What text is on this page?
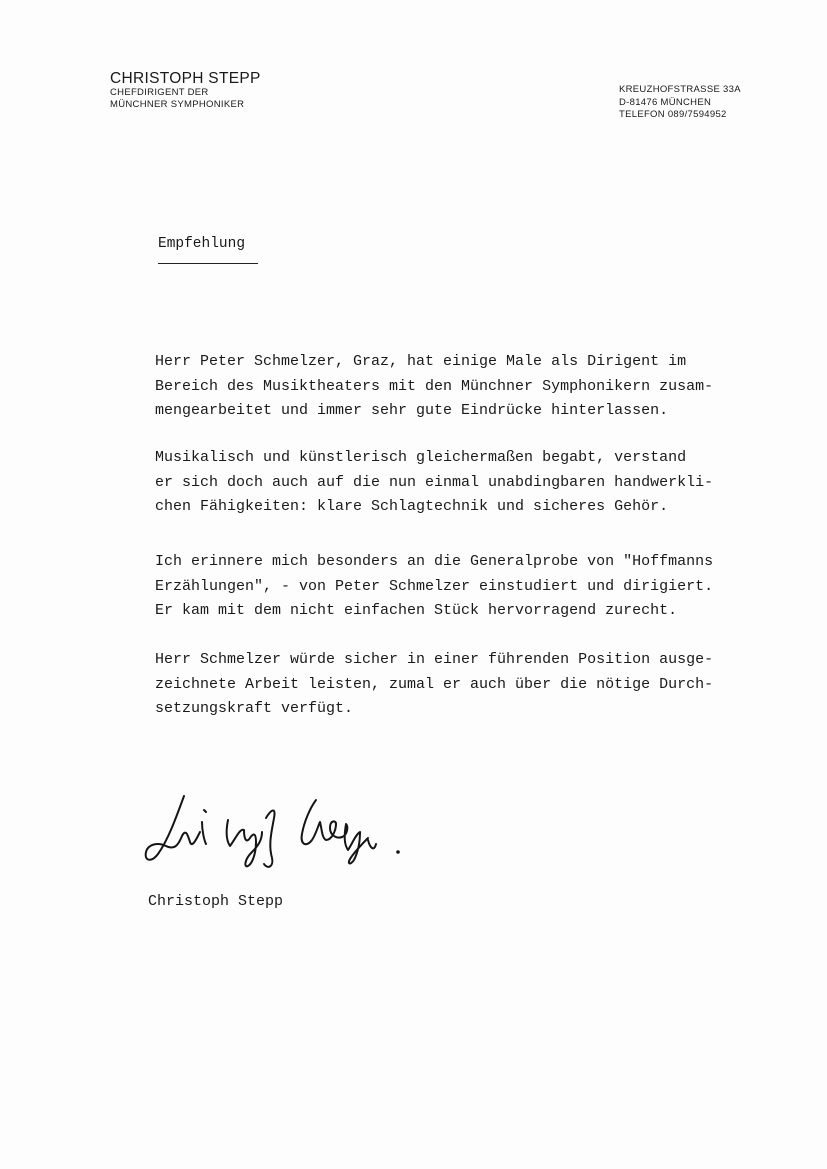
CHRISTOPH STEPP
CHEFDIRIGENT DER
MÜNCHNER SYMPHONIKER
KREUZHOFSTRASSE 33A
D-81476 MÜNCHEN
TELEFON 089/7594952
Empfehlung
Herr Peter Schmelzer, Graz, hat einige Male als Dirigent im
Bereich des Musiktheaters mit den Münchner Symphonikern zusam-
mengearbeitet und immer sehr gute Eindrücke hinterlassen.
Musikalisch und künstlerisch gleichermaßen begabt, verstand
er sich doch auch auf die nun einmal unabdingbaren handwerkli-
chen Fähigkeiten: klare Schlagtechnik und sicheres Gehör.
Ich erinnere mich besonders an die Generalprobe von "Hoffmanns
Erzählungen", - von Peter Schmelzer einstudiert und dirigiert.
Er kam mit dem nicht einfachen Stück hervorragend zurecht.
Herr Schmelzer würde sicher in einer führenden Position ausge-
zeichnete Arbeit leisten, zumal er auch über die nötige Durch-
setzungskraft verfügt.
Christoph Stepp
